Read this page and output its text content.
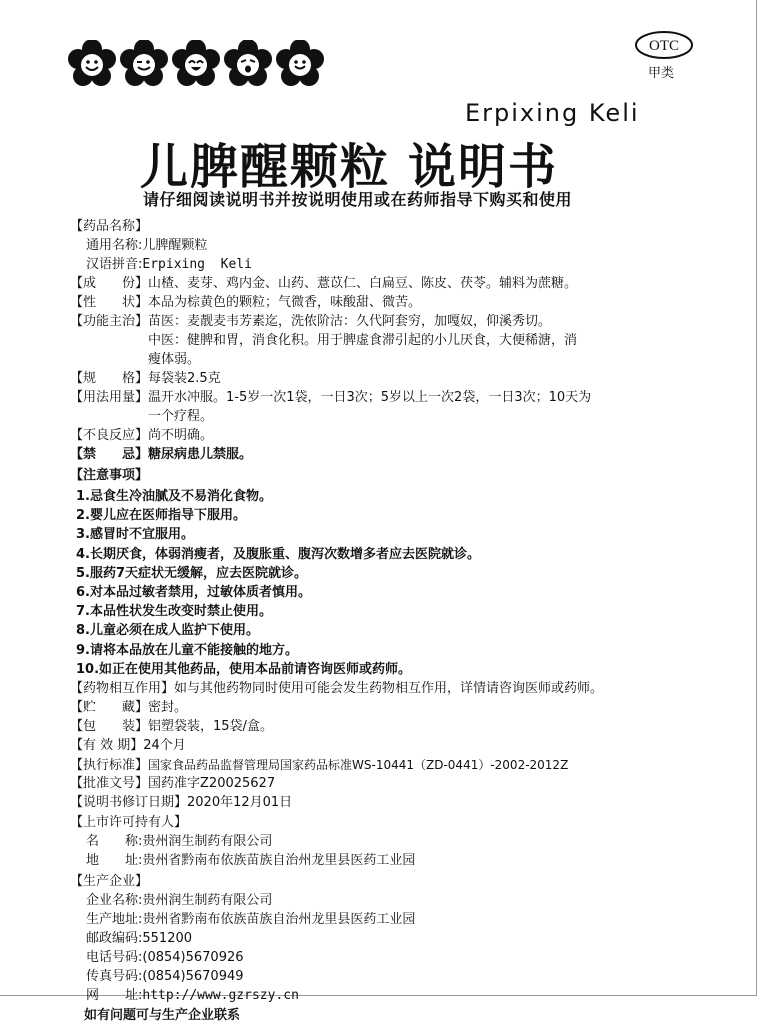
OTC
甲类
Erpixing Keli
儿脾醒颗粒 说明书
请仔细阅读说明书并按说明使用或在药师指导下购买和使用
【药品名称】
通用名称:儿脾醒颗粒
汉语拼音:Erpixing  Keli
【成　　份】山楂、麦芽、鸡内金、山药、薏苡仁、白扁豆、陈皮、茯苓。辅料为蔗糖。
【性　　状】本品为棕黄色的颗粒；气微香，味酸甜、微苦。
【功能主治】苗医：麦靓麦韦芳素迄，洗侬阶沽：久代阿套穷，加嘎奴，仰溪秀切。
中医：健脾和胃，消食化积。用于脾虚食滞引起的小儿厌食，大便稀溏，消
瘦体弱。
【规　　格】每袋装2.5克
【用法用量】温开水冲服。1-5岁一次1袋，一日3次；5岁以上一次2袋，一日3次；10天为
一个疗程。
【不良反应】尚不明确。
【禁　　忌】糖尿病患儿禁服。
【注意事项】
1.忌食生冷油腻及不易消化食物。
2.婴儿应在医师指导下服用。
3.感冒时不宜服用。
4.长期厌食，体弱消瘦者，及腹胀重、腹泻次数增多者应去医院就诊。
5.服药7天症状无缓解，应去医院就诊。
6.对本品过敏者禁用，过敏体质者慎用。
7.本品性状发生改变时禁止使用。
8.儿童必须在成人监护下使用。
9.请将本品放在儿童不能接触的地方。
10.如正在使用其他药品，使用本品前请咨询医师或药师。
【药物相互作用】如与其他药物同时使用可能会发生药物相互作用，详情请咨询医师或药师。
【贮　　藏】密封。
【包　　装】铝塑袋装，15袋/盒。
【有 效 期】24个月
【执行标准】国家食品药品监督管理局国家药品标准WS-10441（ZD-0441）-2002-2012Z
【批准文号】国药准字Z20025627
【说明书修订日期】2020年12月01日
【上市许可持有人】
名　　称:贵州润生制药有限公司
地　　址:贵州省黔南布依族苗族自治州龙里县医药工业园
【生产企业】
企业名称:贵州润生制药有限公司
生产地址:贵州省黔南布依族苗族自治州龙里县医药工业园
邮政编码:551200
电话号码:(0854)5670926
传真号码:(0854)5670949
网　　址:http://www.gzrszy.cn
如有问题可与生产企业联系
